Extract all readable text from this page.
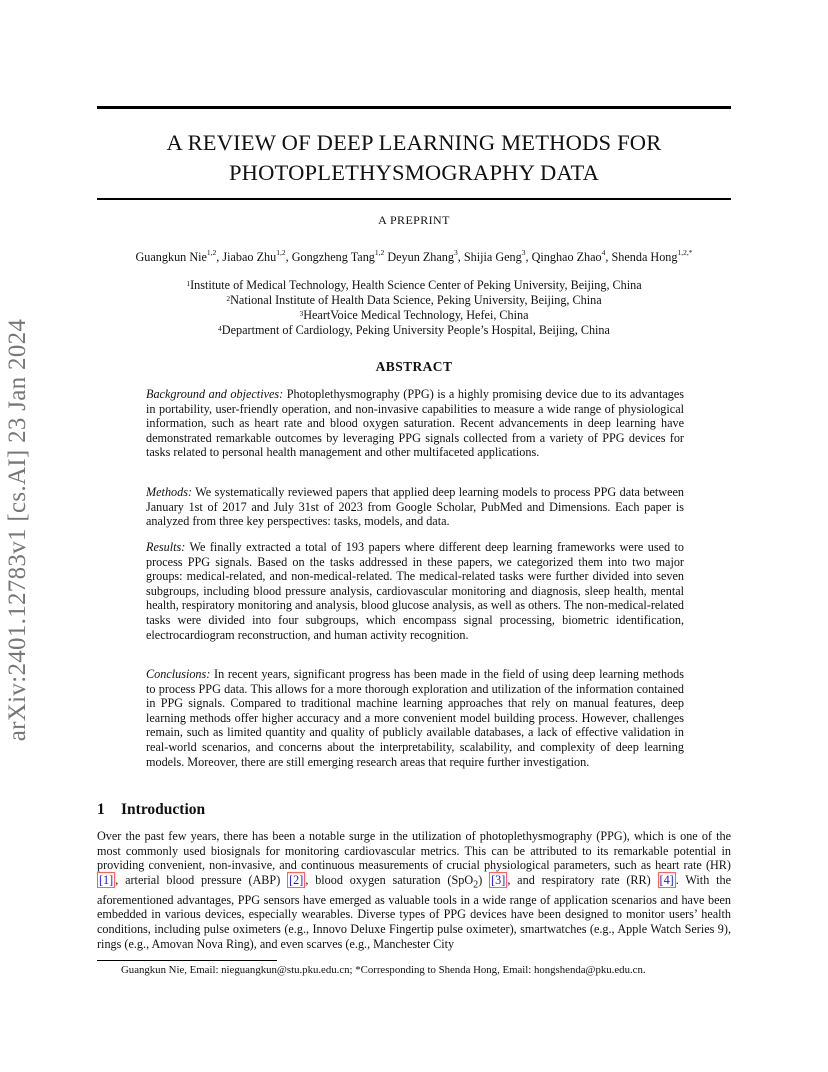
arXiv:2401.12783v1 [cs.AI] 23 Jan 2024
A REVIEW OF DEEP LEARNING METHODS FOR
PHOTOPLETHYSMOGRAPHY DATA
A PREPRINT
Guangkun Nie$^{1,2}$, Jiabao Zhu$^{1,2}$, Gongzheng Tang$^{1,2}$ Deyun Zhang$^3$, Shijia Geng$^3$, Qinghao Zhao$^4$, Shenda Hong$^{1,2,*}$
$^1$Institute of Medical Technology, Health Science Center of Peking University, Beijing, China
$^2$National Institute of Health Data Science, Peking University, Beijing, China
$^3$HeartVoice Medical Technology, Hefei, China
$^4$Department of Cardiology, Peking University People’s Hospital, Beijing, China
ABSTRACT

Background and objectives: Photoplethysmography (PPG) is a highly promising device due to its advantages in portability, user-friendly operation, and non-invasive capabilities to measure a wide range of physiological information, such as heart rate and blood oxygen saturation. Recent advancements in deep learning have demonstrated remarkable outcomes by leveraging PPG signals collected from a variety of PPG devices for tasks related to personal health management and other multifaceted applications.

Methods: We systematically reviewed papers that applied deep learning models to process PPG data between January 1st of 2017 and July 31st of 2023 from Google Scholar, PubMed and Dimensions. Each paper is analyzed from three key perspectives: tasks, models, and data.

Results: We finally extracted a total of 193 papers where different deep learning frameworks were used to process PPG signals. Based on the tasks addressed in these papers, we categorized them into two major groups: medical-related, and non-medical-related. The medical-related tasks were further divided into seven subgroups, including blood pressure analysis, cardiovascular monitoring and diagnosis, sleep health, mental health, respiratory monitoring and analysis, blood glucose analysis, as well as others. The non-medical-related tasks were divided into four subgroups, which encompass signal processing, biometric identification, electrocardiogram reconstruction, and human activity recognition.

Conclusions: In recent years, significant progress has been made in the field of using deep learning methods to process PPG data. This allows for a more thorough exploration and utilization of the information contained in PPG signals. Compared to traditional machine learning approaches that rely on manual features, deep learning methods offer higher accuracy and a more convenient model building process. However, challenges remain, such as limited quantity and quality of publicly available databases, a lack of effective validation in real-world scenarios, and concerns about the interpretability, scalability, and complexity of deep learning models. Moreover, there are still emerging research areas that require further investigation.

1 Introduction

Over the past few years, there has been a notable surge in the utilization of photoplethysmography (PPG), which is one of the most commonly used biosignals for monitoring cardiovascular metrics. This can be attributed to its remarkable potential in providing convenient, non-invasive, and continuous measurements of crucial physiological parameters, such as heart rate (HR) [1] , arterial blood pressure (ABP) [2] , blood oxygen saturation (SpO$_2$) [3] , and respiratory rate (RR) [4] . With the aforementioned advantages, PPG sensors have emerged as valuable tools in a wide range of application scenarios and have been embedded in various devices, especially wearables. Diverse types of PPG devices have been designed to monitor users’ health conditions, including pulse oximeters (e.g., Innovo Deluxe Fingertip pulse oximeter), smartwatches (e.g., Apple Watch Series 9), rings (e.g., Amovan Nova Ring), and even scarves (e.g., Manchester City

Guangkun Nie, Email: nieguangkun@stu.pku.edu.cn; *Corresponding to Shenda Hong, Email: hongshenda@pku.edu.cn.
